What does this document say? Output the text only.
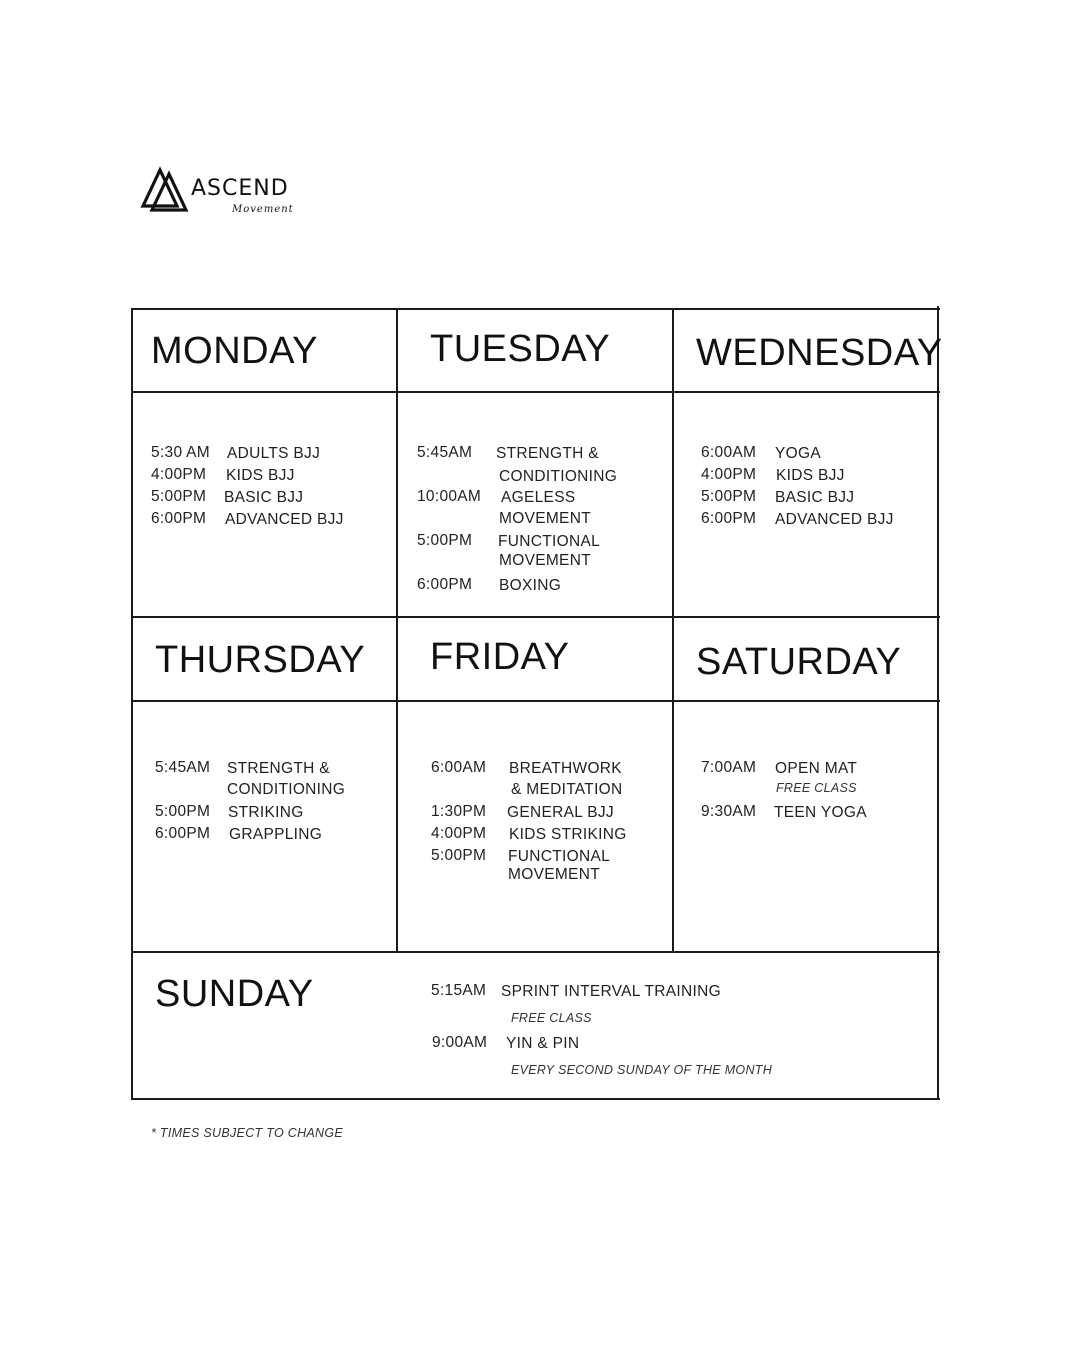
ASCEND
Movement
MONDAY	TUESDAY WEDNESDAY
THURSDAY FRIDAY	SATURDAY
SUNDAY
5:30 AM ADULTS BJJ
4:00PM KIDS BJJ
5:00PM BASIC BJJ
6:00PM ADVANCED BJJ
5:45AM STRENGTH &
CONDITIONING
10:00AM AGELESS
MOVEMENT
5:00PM FUNCTIONAL
MOVEMENT
6:00PM BOXING
6:00AM YOGA
4:00PM KIDS BJJ
5:00PM BASIC BJJ
6:00PM ADVANCED BJJ
5:45AM STRENGTH &
CONDITIONING
5:00PM STRIKING
6:00PM GRAPPLING
6:00AM BREATHWORK
& MEDITATION
1:30PM GENERAL BJJ
4:00PM KIDS STRIKING
5:00PM FUNCTIONAL
MOVEMENT
7:00AM OPEN MAT
FREE CLASS
9:30AM TEEN YOGA
5:15AM SPRINT INTERVAL TRAINING
FREE CLASS
9:00AM YIN & PIN
EVERY SECOND SUNDAY OF THE MONTH
* TIMES SUBJECT TO CHANGE
